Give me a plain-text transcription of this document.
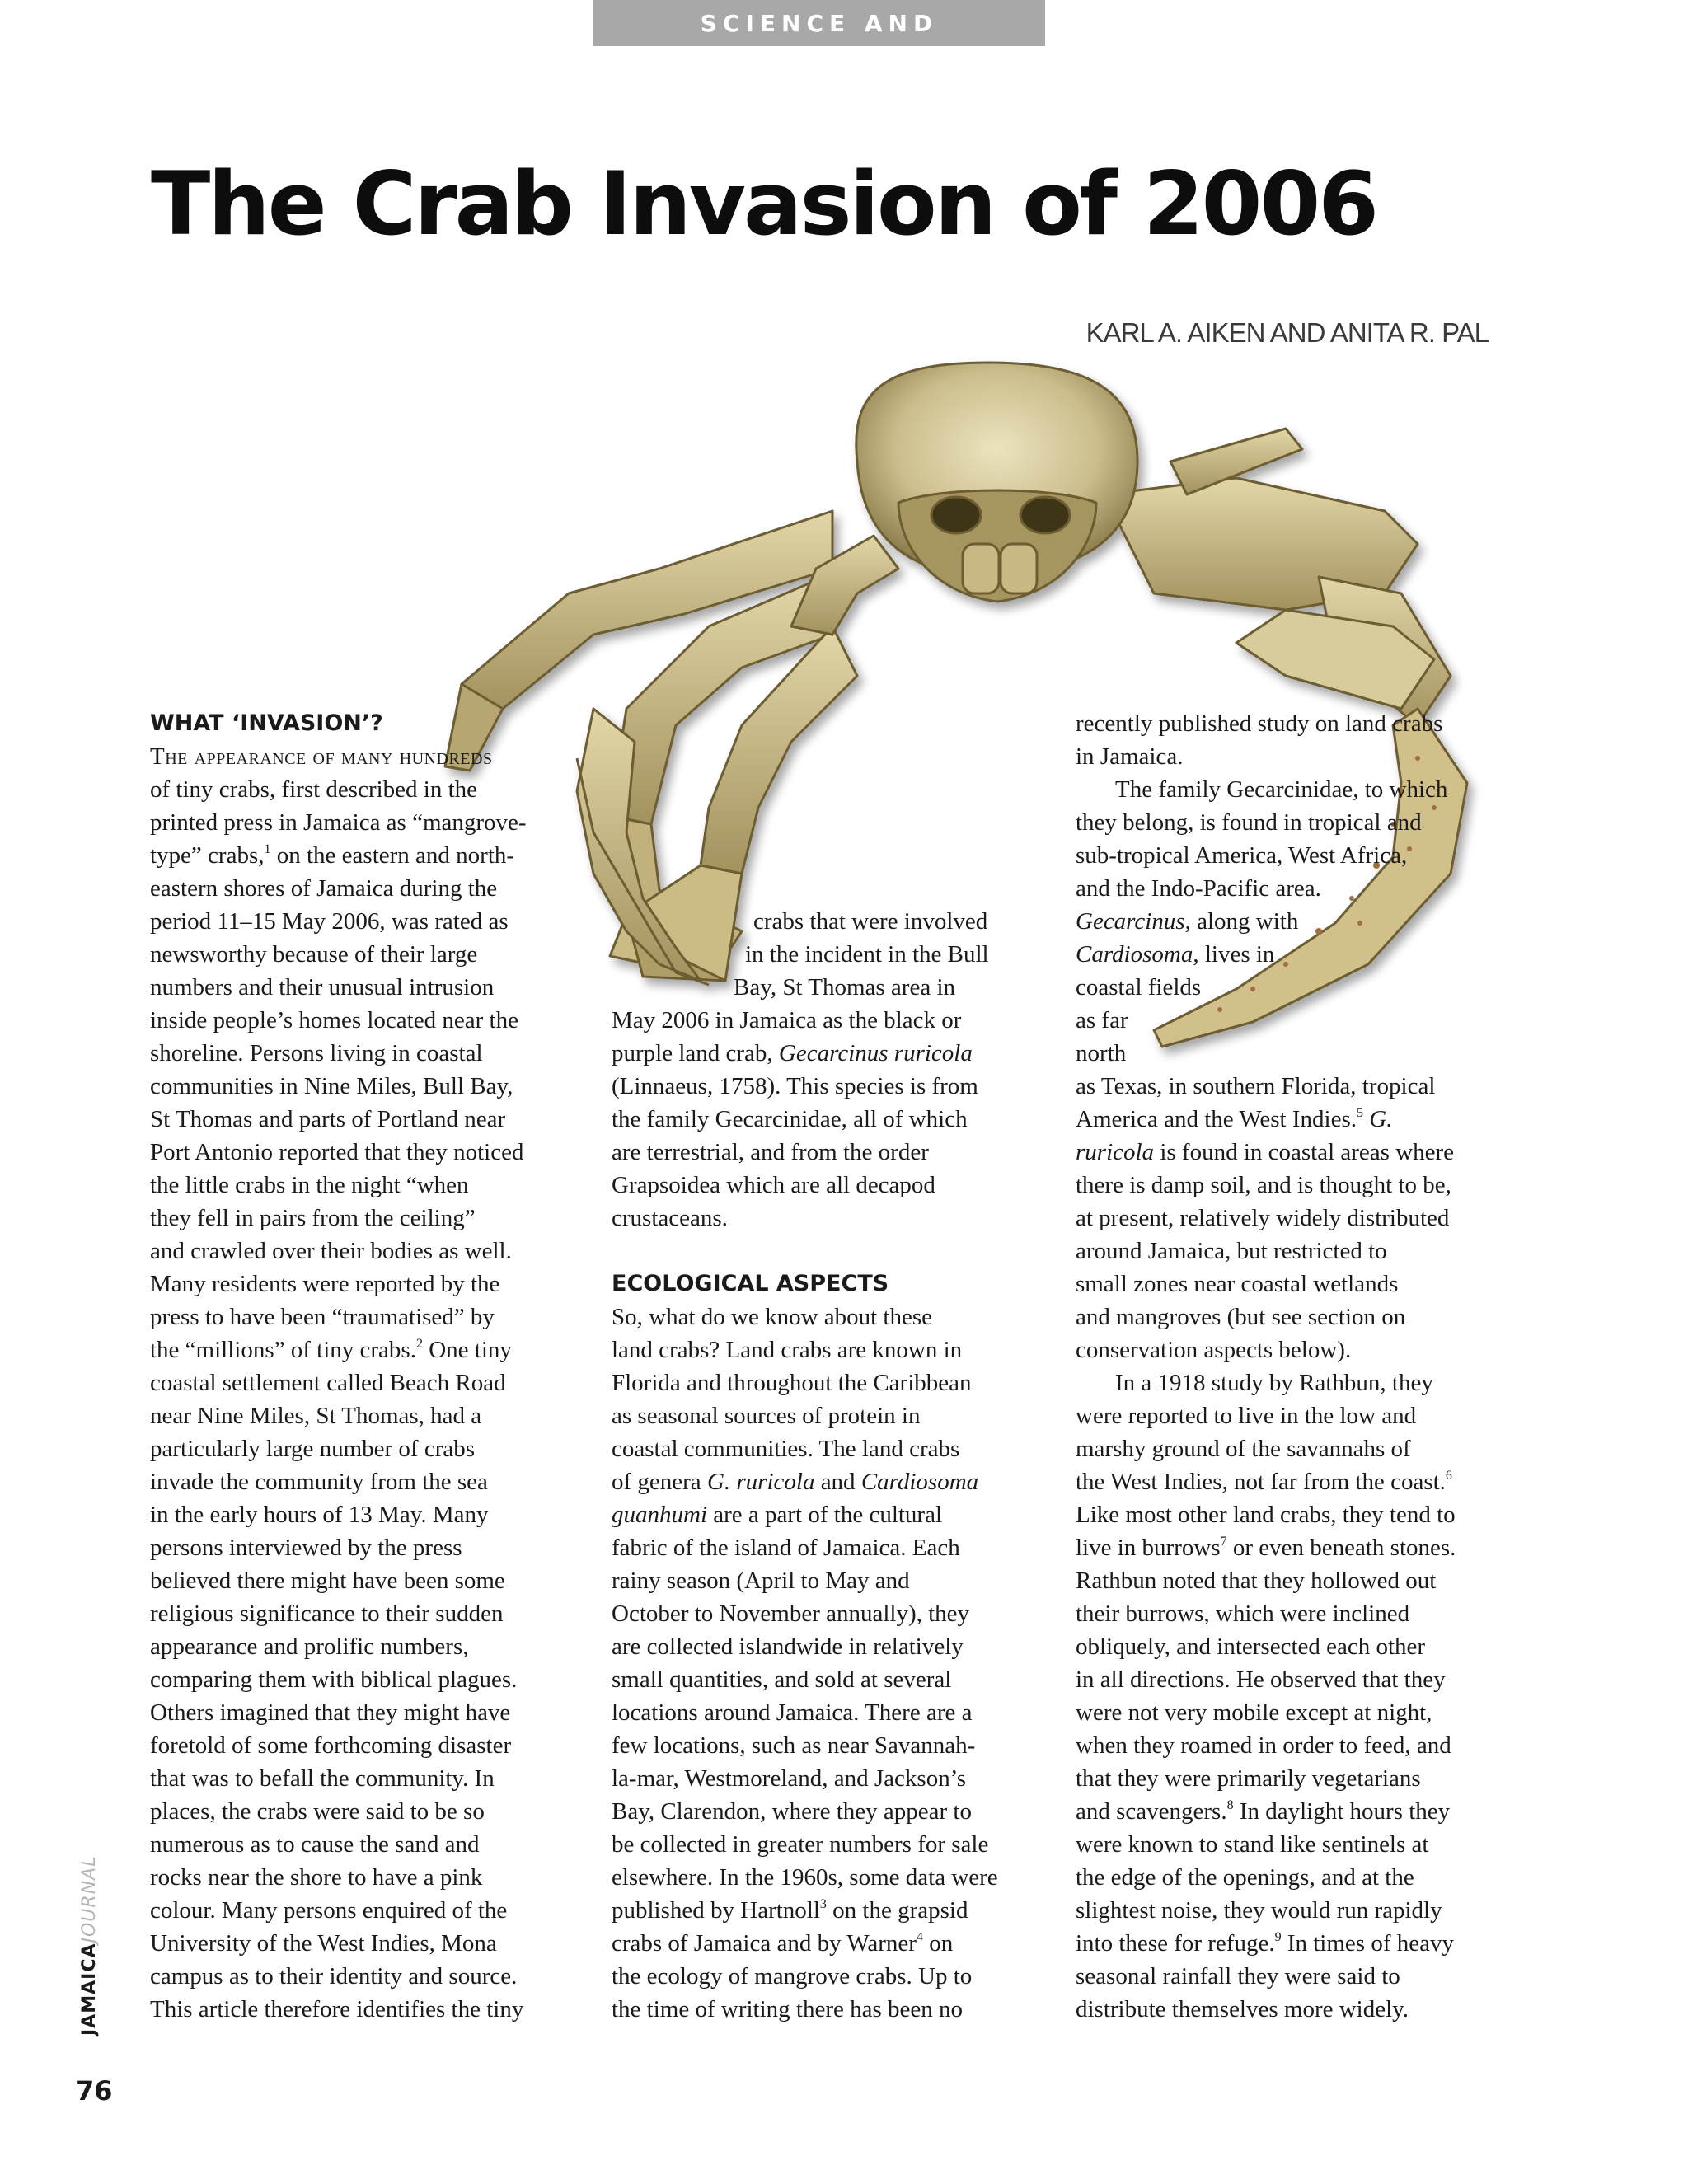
SCIENCE AND TECHNOLOGY
The Crab Invasion of 2006
KARL A. AIKEN AND ANITA R. PAL
WHAT ‘INVASION’?
The appearance of many hundreds
of tiny crabs, first described in the
printed press in Jamaica as “mangrove-
type” crabs,$^1$ on the eastern and north-
eastern shores of Jamaica during the
period 11–15 May 2006, was rated as
newsworthy because of their large
numbers and their unusual intrusion
inside people’s homes located near the
shoreline. Persons living in coastal
communities in Nine Miles, Bull Bay,
St Thomas and parts of Portland near
Port Antonio reported that they noticed
the little crabs in the night “when
they fell in pairs from the ceiling”
and crawled over their bodies as well.
Many residents were reported by the
press to have been “traumatised” by
the “millions” of tiny crabs.$^2$ One tiny
coastal settlement called Beach Road
near Nine Miles, St Thomas, had a
particularly large number of crabs
invade the community from the sea
in the early hours of 13 May. Many
persons interviewed by the press
believed there might have been some
religious significance to their sudden
appearance and prolific numbers,
comparing them with biblical plagues.
Others imagined that they might have
foretold of some forthcoming disaster
that was to befall the community. In
places, the crabs were said to be so
numerous as to cause the sand and
rocks near the shore to have a pink
colour. Many persons enquired of the
University of the West Indies, Mona
campus as to their identity and source.
This article therefore identifies the tiny
crabs that were involved
in the incident in the Bull
Bay, St Thomas area in
May 2006 in Jamaica as the black or
purple land crab, Gecarcinus ruricola
(Linnaeus, 1758). This species is from
the family Gecarcinidae, all of which
are terrestrial, and from the order
Grapsoidea which are all decapod
crustaceans.
ECOLOGICAL ASPECTS
So, what do we know about these
land crabs? Land crabs are known in
Florida and throughout the Caribbean
as seasonal sources of protein in
coastal communities. The land crabs
of genera G. ruricola and Cardiosoma
guanhumi are a part of the cultural
fabric of the island of Jamaica. Each
rainy season (April to May and
October to November annually), they
are collected islandwide in relatively
small quantities, and sold at several
locations around Jamaica. There are a
few locations, such as near Savannah-
la-mar, Westmoreland, and Jackson’s
Bay, Clarendon, where they appear to
be collected in greater numbers for sale
elsewhere. In the 1960s, some data were
published by Hartnoll$^3$ on the grapsid
crabs of Jamaica and by Warner$^4$ on
the ecology of mangrove crabs. Up to
the time of writing there has been no
recently published study on land crabs
in Jamaica.
The family Gecarcinidae, to which
they belong, is found in tropical and
sub-tropical America, West Africa,
and the Indo-Pacific area.
Gecarcinus, along with
Cardiosoma, lives in
coastal fields
as far
north
as Texas, in southern Florida, tropical
America and the West Indies.$^5$ G.
ruricola is found in coastal areas where
there is damp soil, and is thought to be,
at present, relatively widely distributed
around Jamaica, but restricted to
small zones near coastal wetlands
and mangroves (but see section on
conservation aspects below).
In a 1918 study by Rathbun, they
were reported to live in the low and
marshy ground of the savannahs of
the West Indies, not far from the coast.$^6$
Like most other land crabs, they tend to
live in burrows$^7$ or even beneath stones.
Rathbun noted that they hollowed out
their burrows, which were inclined
obliquely, and intersected each other
in all directions. He observed that they
were not very mobile except at night,
when they roamed in order to feed, and
that they were primarily vegetarians
and scavengers.$^8$ In daylight hours they
were known to stand like sentinels at
the edge of the openings, and at the
slightest noise, they would run rapidly
into these for refuge.$^9$ In times of heavy
seasonal rainfall they were said to
distribute themselves more widely.
JAMAICAJOURNAL
76
